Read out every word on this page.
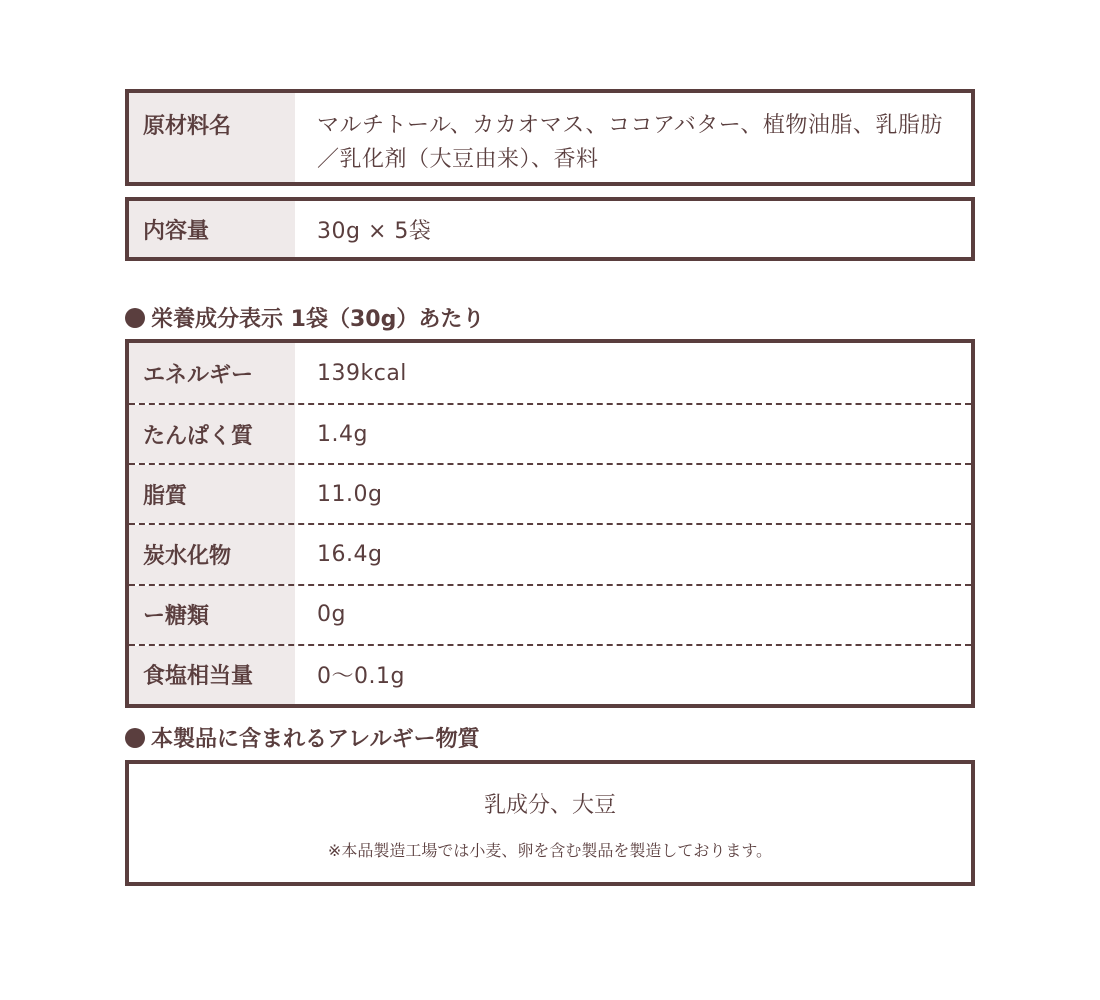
原材料名	マルチトール、カカオマス、ココアバター、植物油脂、乳脂肪
／乳化剤（大豆由来）、香料
内容量	30g × 5袋
栄養成分表示 1袋（30g）あたり
エネルギー	139kcal
たんぱく質	1.4g
脂質	11.0g
炭水化物	16.4g
ー糖類	0g
食塩相当量	0〜0.1g
本製品に含まれるアレルギー物質
乳成分、大豆
※本品製造工場では小麦、卵を含む製品を製造しております。
